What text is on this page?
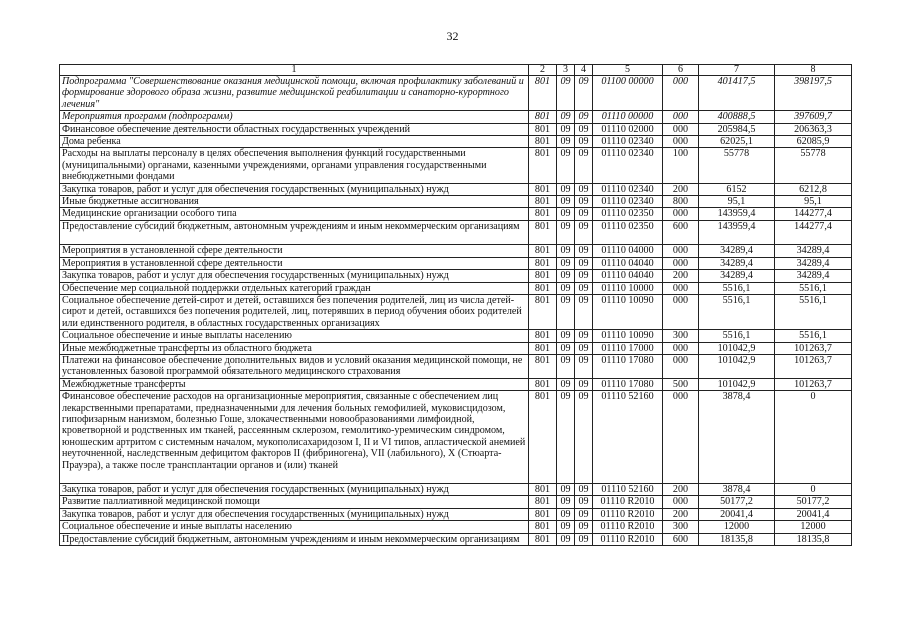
32
1	2	3	4	5	6	7	8
Подпрограмма "Совершенствование оказания медицинской помощи, включая профилактику заболеваний и формирование здорового образа жизни, развитие медицинской реабилитации и санаторно-курортного лечения"	801	09	09	01100 00000	000	401417,5	398197,5
Мероприятия программ (подпрограмм)	801	09	09	01110 00000	000	400888,5	397609,7
Финансовое обеспечение деятельности областных государственных учреждений	801	09	09	01110 02000	000	205984,5	206363,3
Дома ребенка	801	09	09	01110 02340	000	62025,1	62085,9
Расходы на выплаты персоналу в целях обеспечения выполнения функций государственными (муниципальными) органами, казенными учреждениями, органами управления государственными внебюджетными фондами	801	09	09	01110 02340	100	55778	55778
Закупка товаров, работ и услуг для обеспечения государственных (муниципальных) нужд	801	09	09	01110 02340	200	6152	6212,8
Иные бюджетные ассигнования	801	09	09	01110 02340	800	95,1	95,1
Медицинские организации особого типа	801	09	09	01110 02350	000	143959,4	144277,4
Предоставление субсидий бюджетным, автономным учреждениям и иным некоммерческим организациям	801	09	09	01110 02350	600	143959,4	144277,4
Мероприятия в установленной сфере деятельности	801	09	09	01110 04000	000	34289,4	34289,4
Мероприятия в установленной сфере деятельности	801	09	09	01110 04040	000	34289,4	34289,4
Закупка товаров, работ и услуг для обеспечения государственных (муниципальных) нужд	801	09	09	01110 04040	200	34289,4	34289,4
Обеспечение мер социальной поддержки отдельных категорий граждан	801	09	09	01110 10000	000	5516,1	5516,1
Социальное обеспечение детей-сирот и детей, оставшихся без попечения родителей, лиц из числа детей-сирот и детей, оставшихся без попечения родителей, лиц, потерявших в период обучения обоих родителей или единственного родителя, в областных государственных организациях	801	09	09	01110 10090	000	5516,1	5516,1
Социальное обеспечение и иные выплаты населению	801	09	09	01110 10090	300	5516,1	5516,1
Иные межбюджетные трансферты из областного бюджета	801	09	09	01110 17000	000	101042,9	101263,7
Платежи на финансовое обеспечение дополнительных видов и условий оказания медицинской помощи, не установленных базовой программой обязательного медицинского страхования	801	09	09	01110 17080	000	101042,9	101263,7
Межбюджетные трансферты	801	09	09	01110 17080	500	101042,9	101263,7
Финансовое обеспечение расходов на организационные мероприятия, связанные с обеспечением лиц лекарственными препаратами, предназначенными для лечения больных гемофилией, муковисцидозом, гипофизарным нанизмом, болезнью Гоше, злокачественными новообразованиями лимфоидной, кроветворной и родственных им тканей, рассеянным склерозом, гемолитико-уремическим синдромом, юношеским артритом с системным началом, мукополисахаридозом I, II и VI типов, апластической анемией неуточненной, наследственным дефицитом факторов II (фибриногена), VII (лабильного), X (Стюарта-Прауэра), а также после трансплантации органов и (или) тканей	801	09	09	01110 52160	000	3878,4	0
Закупка товаров, работ и услуг для обеспечения государственных (муниципальных) нужд	801	09	09	01110 52160	200	3878,4	0
Развитие паллиативной медицинской помощи	801	09	09	01110 R2010	000	50177,2	50177,2
Закупка товаров, работ и услуг для обеспечения государственных (муниципальных) нужд	801	09	09	01110 R2010	200	20041,4	20041,4
Социальное обеспечение и иные выплаты населению	801	09	09	01110 R2010	300	12000	12000
Предоставление субсидий бюджетным, автономным учреждениям и иным некоммерческим организациям	801	09	09	01110 R2010	600	18135,8	18135,8
